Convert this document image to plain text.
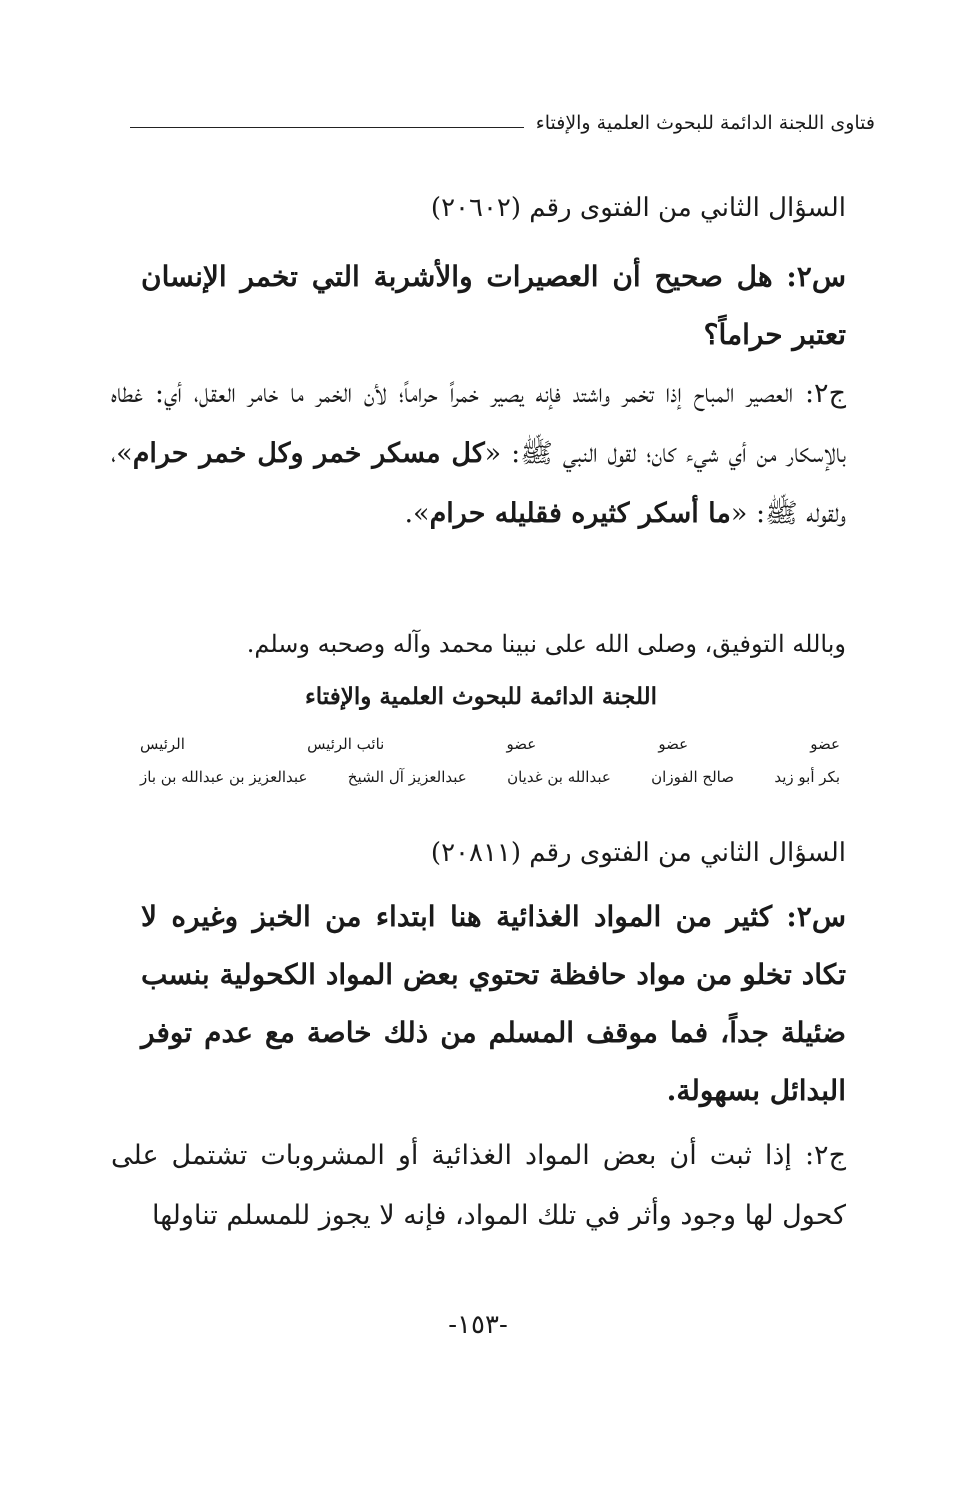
فتاوى اللجنة الدائمة للبحوث العلمية والإفتاء
السؤال الثاني من الفتوى رقم (٢٠٦٠٢)
س٢: هل صحيح أن العصيرات والأشربة التي تخمر الإنسان تعتبر حراماً؟
ج٢: العصير المباح إذا تخمر واشتد فإنه يصير خمراً حراماً؛ لأن الخمر ما خامر العقل، أي: غطاه بالإسكار من أي شيء كان؛ لقول النبي ﷺ: «كل مسكر خمر وكل خمر حرام»، ولقوله ﷺ: «ما أسكر كثيره فقليله حرام».
وبالله التوفيق، وصلى الله على نبينا محمد وآله وصحبه وسلم.
اللجنة الدائمة للبحوث العلمية والإفتاء
عضو
عضو
عضو
نائب الرئيس
الرئيس
بكر أبو زيد
صالح الفوزان
عبدالله بن غديان
عبدالعزيز آل الشيخ
عبدالعزيز بن عبدالله بن باز
السؤال الثاني من الفتوى رقم (٢٠٨١١)
س٢: كثير من المواد الغذائية هنا ابتداء من الخبز وغيره لا تكاد تخلو من مواد حافظة تحتوي بعض المواد الكحولية بنسب ضئيلة جداً، فما موقف المسلم من ذلك خاصة مع عدم توفر البدائل بسهولة.
ج٢: إذا ثبت أن بعض المواد الغذائية أو المشروبات تشتمل على كحول لها وجود وأثر في تلك المواد، فإنه لا يجوز للمسلم تناولها
-١٥٣-
